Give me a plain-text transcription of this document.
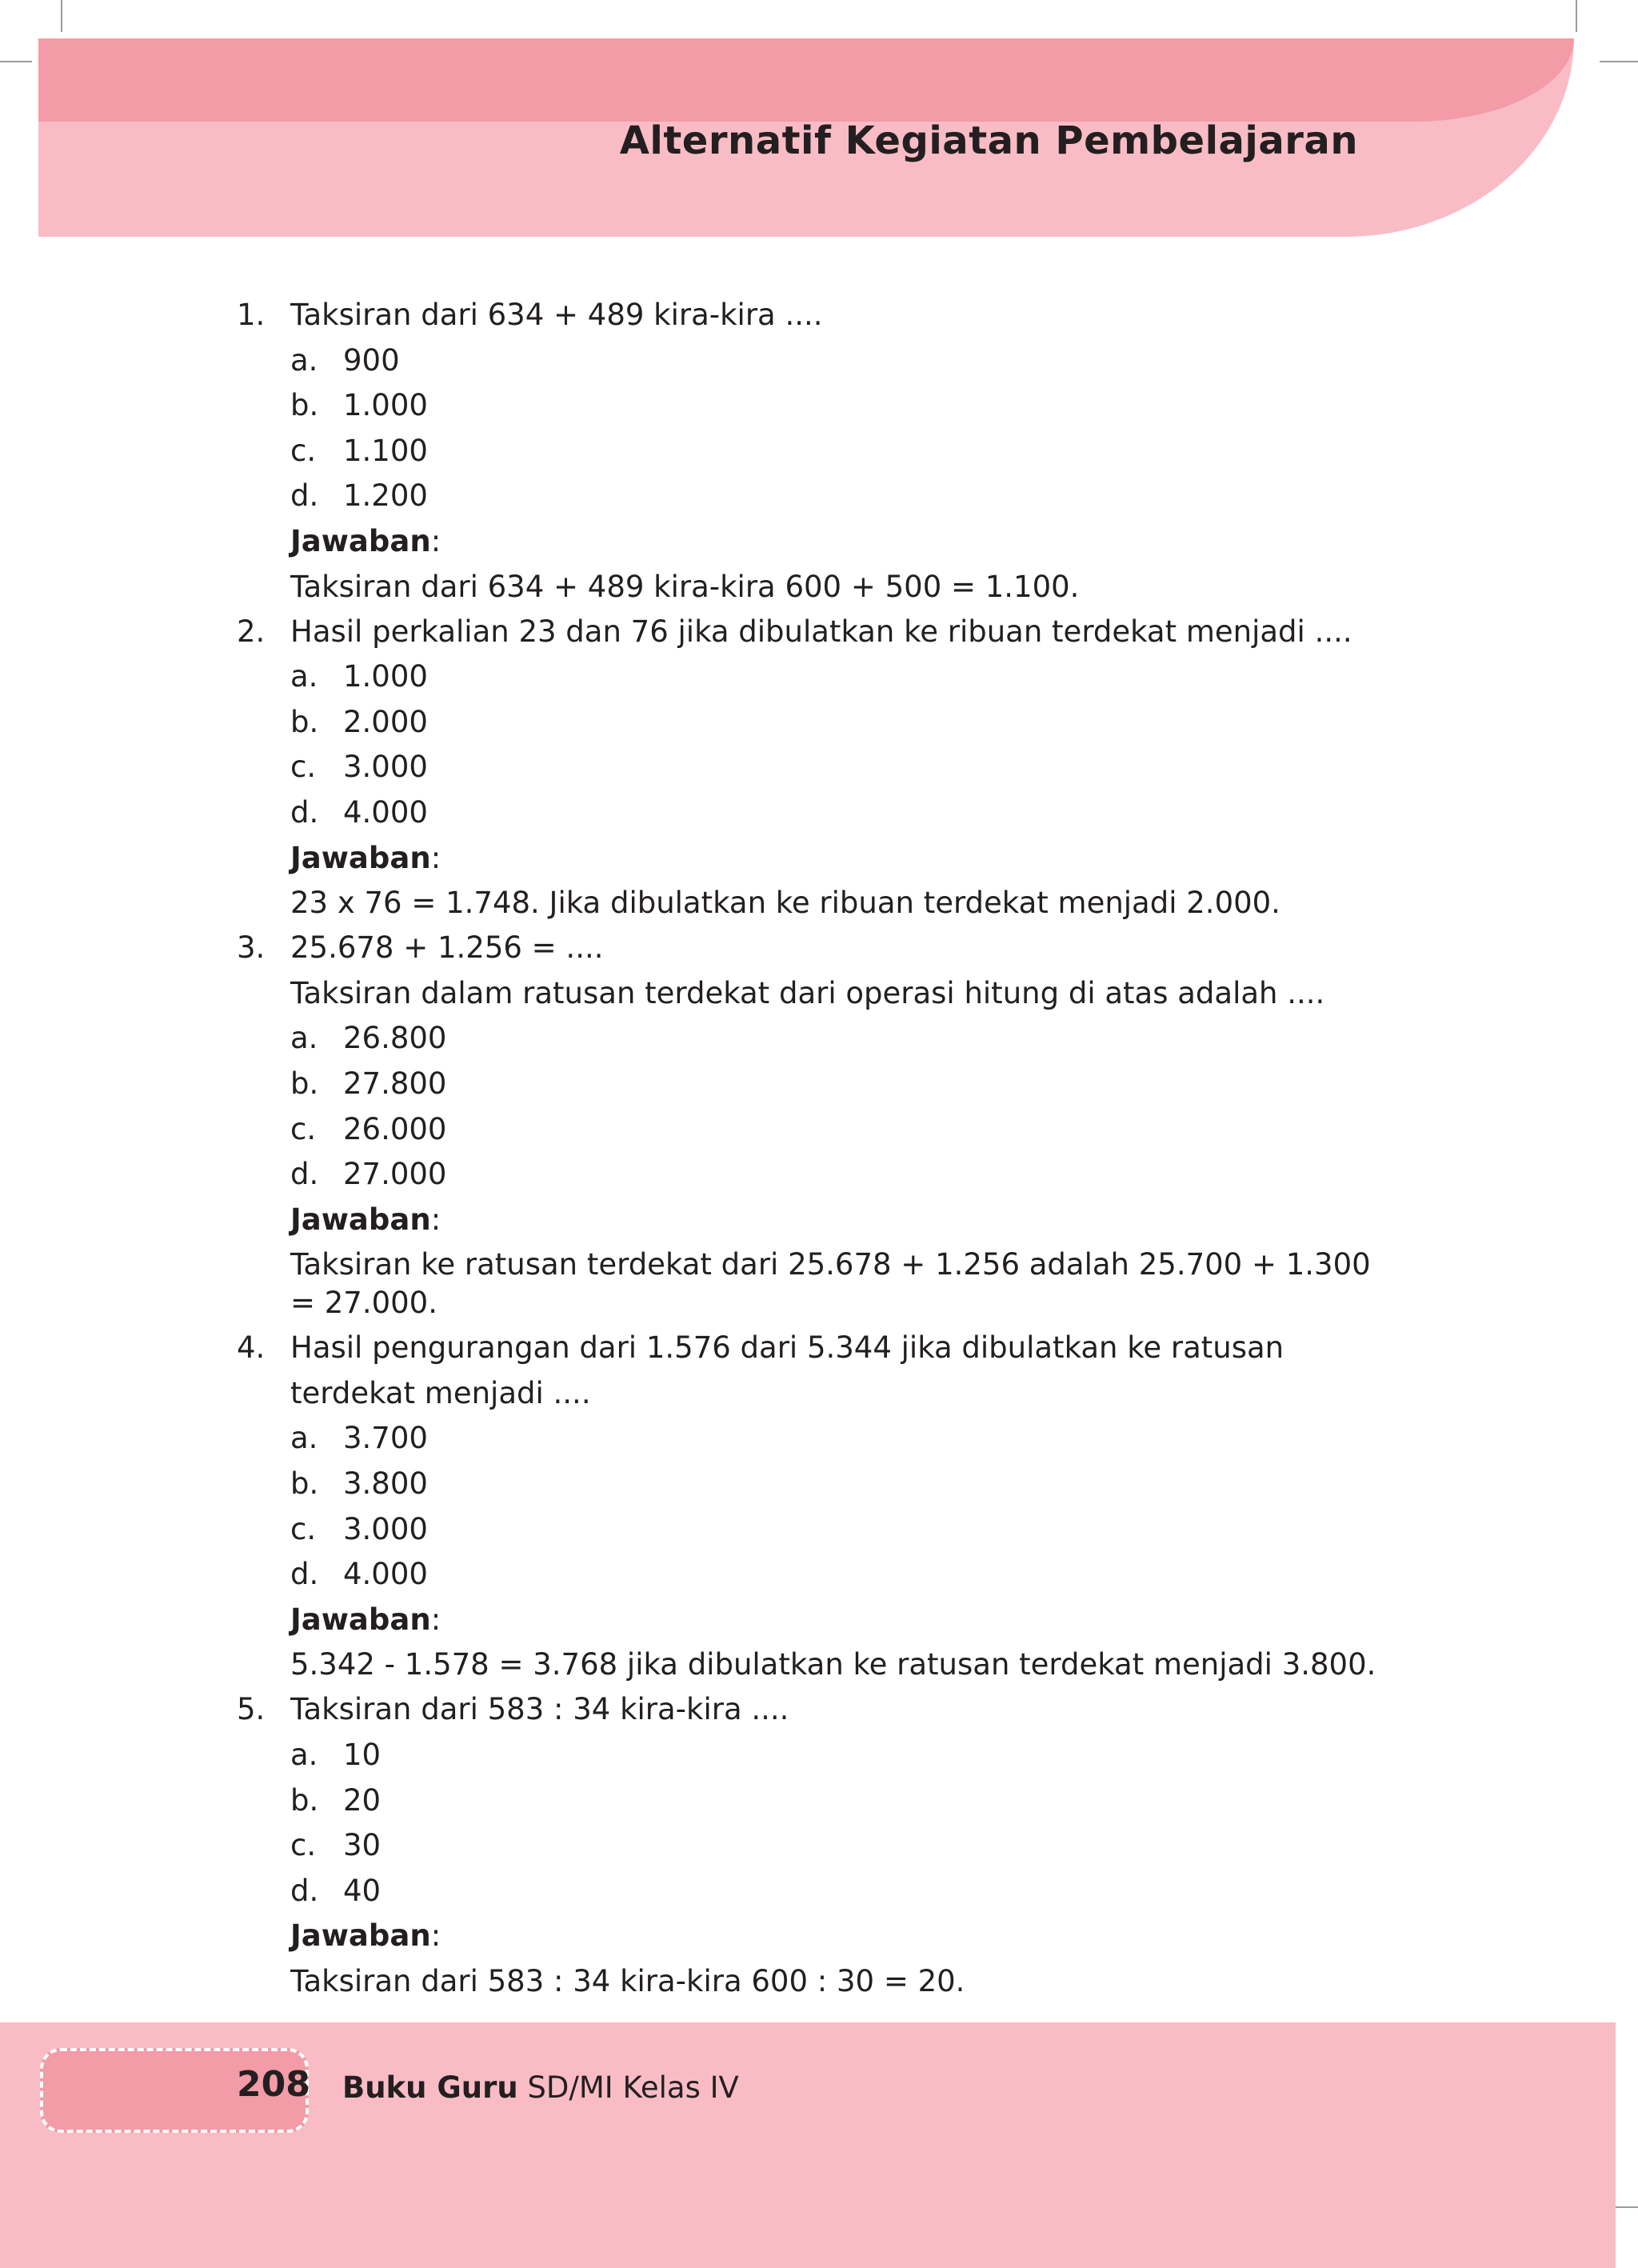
Alternatif Kegiatan Pembelajaran
1. Taksiran dari 634 + 489 kira-kira ....
a. 900
b. 1.000
c. 1.100
d. 1.200
Jawaban:
Taksiran dari 634 + 489 kira-kira 600 + 500 = 1.100.
2. Hasil perkalian 23 dan 76 jika dibulatkan ke ribuan terdekat menjadi ....
a. 1.000
b. 2.000
c. 3.000
d. 4.000
Jawaban:
23 x 76 = 1.748. Jika dibulatkan ke ribuan terdekat menjadi 2.000.
3. 25.678 + 1.256 = ....
Taksiran dalam ratusan terdekat dari operasi hitung di atas adalah ....
a. 26.800
b. 27.800
c. 26.000
d. 27.000
Jawaban:
Taksiran ke ratusan terdekat dari 25.678 + 1.256 adalah 25.700 + 1.300 = 27.000.
4. Hasil pengurangan dari 1.576 dari 5.344 jika dibulatkan ke ratusan terdekat menjadi ....
a. 3.700
b. 3.800
c. 3.000
d. 4.000
Jawaban:
5.342 - 1.578 = 3.768 jika dibulatkan ke ratusan terdekat menjadi 3.800.
5. Taksiran dari 583 : 34 kira-kira ....
a. 10
b. 20
c. 30
d. 40
Jawaban:
Taksiran dari 583 : 34 kira-kira 600 : 30 = 20.
208 Buku Guru SD/MI Kelas IV
